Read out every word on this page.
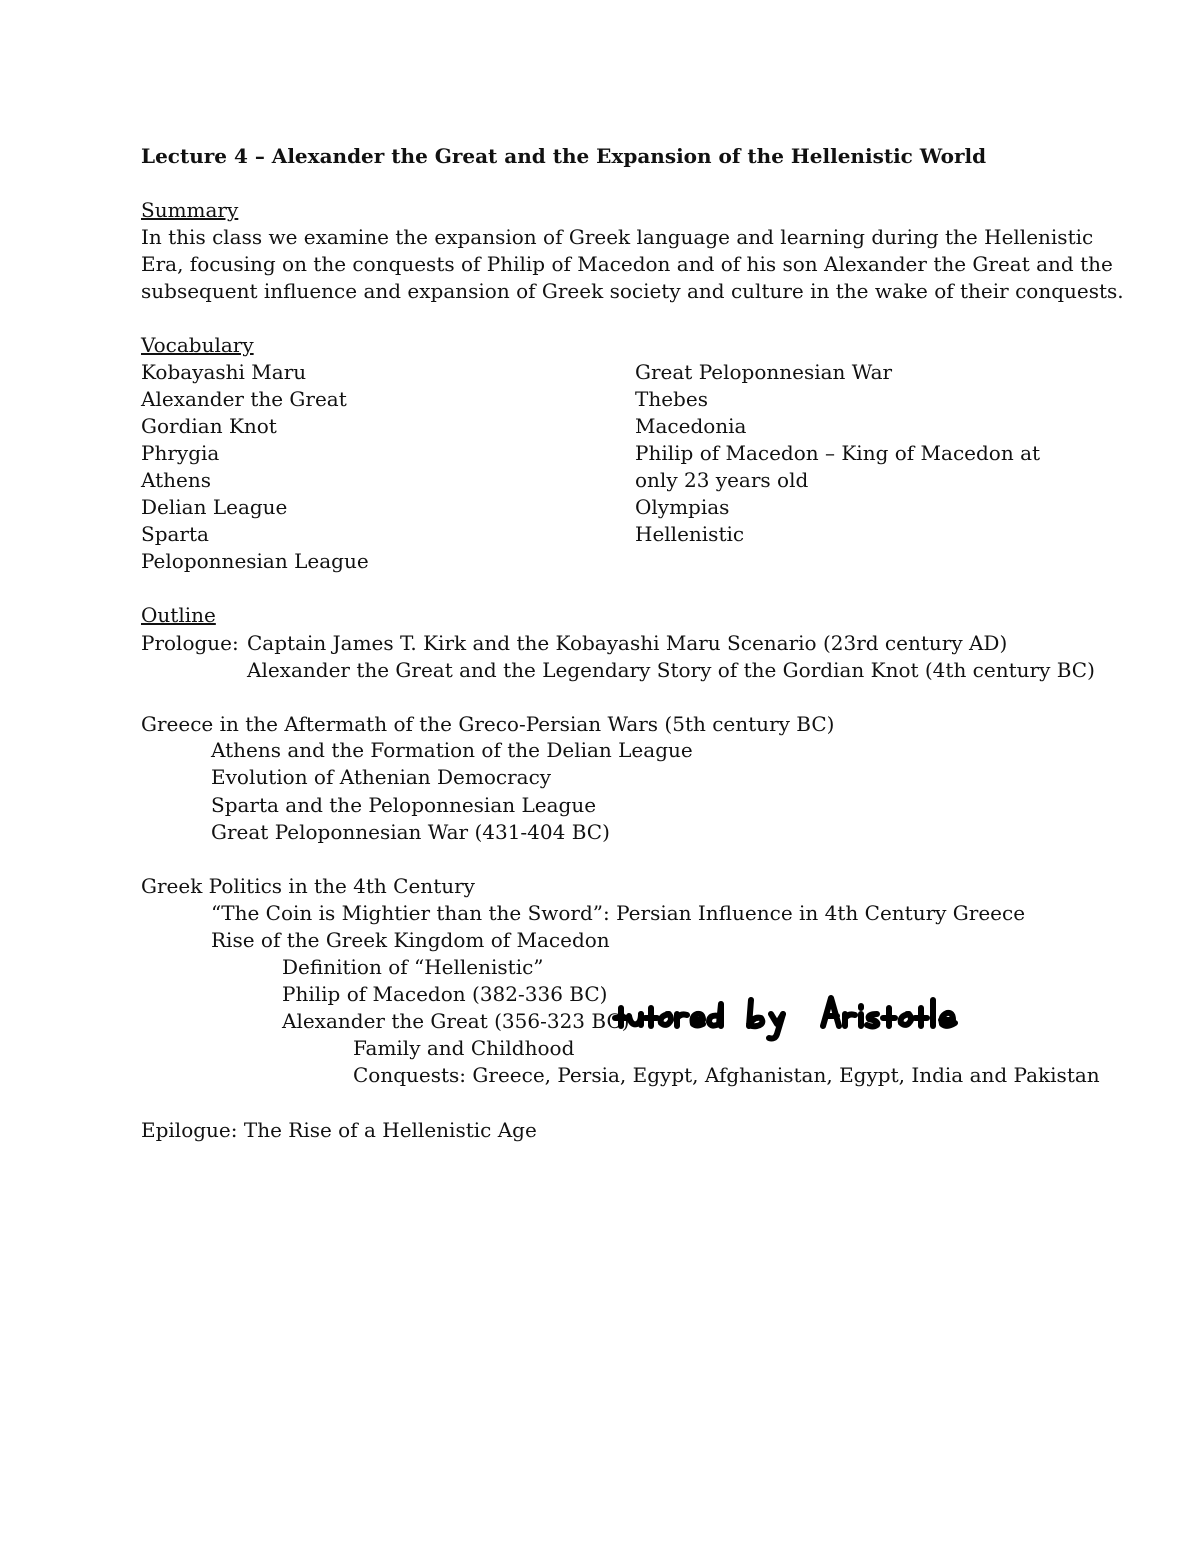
Lecture 4 – Alexander the Great and the Expansion of the Hellenistic World
Summary
In this class we examine the expansion of Greek language and learning during the Hellenistic
Era, focusing on the conquests of Philip of Macedon and of his son Alexander the Great and the
subsequent influence and expansion of Greek society and culture in the wake of their conquests.
Vocabulary
Kobayashi Maru
Alexander the Great
Gordian Knot
Phrygia
Athens
Delian League
Sparta
Peloponnesian League
Great Peloponnesian War
Thebes
Macedonia
Philip of Macedon – King of Macedon at
only 23 years old
Olympias
Hellenistic
Outline
Prologue: Captain James T. Kirk and the Kobayashi Maru Scenario (23rd century AD)
Alexander the Great and the Legendary Story of the Gordian Knot (4th century BC)
Greece in the Aftermath of the Greco-Persian Wars (5th century BC)
Athens and the Formation of the Delian League
Evolution of Athenian Democracy
Sparta and the Peloponnesian League
Great Peloponnesian War (431-404 BC)
Greek Politics in the 4th Century
“The Coin is Mightier than the Sword”: Persian Influence in 4th Century Greece
Rise of the Greek Kingdom of Macedon
Definition of “Hellenistic”
Philip of Macedon (382-336 BC)
Alexander the Great (356-323 BC)
Family and Childhood
Conquests: Greece, Persia, Egypt, Afghanistan, Egypt, India and Pakistan
Epilogue: The Rise of a Hellenistic Age
